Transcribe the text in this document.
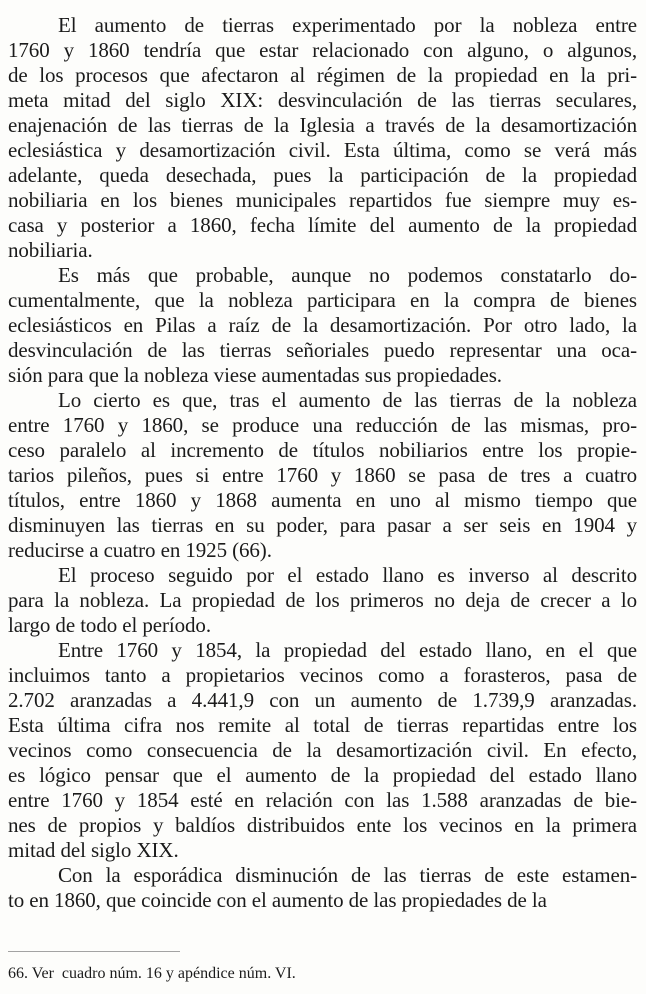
El aumento de tierras experimentado por la nobleza entre
1760 y 1860 tendría que estar relacionado con alguno, o algunos,
de los procesos que afectaron al régimen de la propiedad en la pri-
meta mitad del siglo XIX: desvinculación de las tierras seculares,
enajenación de las tierras de la Iglesia a través de la desamortización
eclesiástica y desamortización civil. Esta última, como se verá más
adelante, queda desechada, pues la participación de la propiedad
nobiliaria en los bienes municipales repartidos fue siempre muy es-
casa y posterior a 1860, fecha límite del aumento de la propiedad
nobiliaria.
Es más que probable, aunque no podemos constatarlo do-
cumentalmente, que la nobleza participara en la compra de bienes
eclesiásticos en Pilas a raíz de la desamortización. Por otro lado, la
desvinculación de las tierras señoriales puedo representar una oca-
sión para que la nobleza viese aumentadas sus propiedades.
Lo cierto es que, tras el aumento de las tierras de la nobleza
entre 1760 y 1860, se produce una reducción de las mismas, pro-
ceso paralelo al incremento de títulos nobiliarios entre los propie-
tarios pileños, pues si entre 1760 y 1860 se pasa de tres a cuatro
títulos, entre 1860 y 1868 aumenta en uno al mismo tiempo que
disminuyen las tierras en su poder, para pasar a ser seis en 1904 y
reducirse a cuatro en 1925 (66).
El proceso seguido por el estado llano es inverso al descrito
para la nobleza. La propiedad de los primeros no deja de crecer a lo
largo de todo el período.
Entre 1760 y 1854, la propiedad del estado llano, en el que
incluimos tanto a propietarios vecinos como a forasteros, pasa de
2.702 aranzadas a 4.441,9 con un aumento de 1.739,9 aranzadas.
Esta última cifra nos remite al total de tierras repartidas entre los
vecinos como consecuencia de la desamortización civil. En efecto,
es lógico pensar que el aumento de la propiedad del estado llano
entre 1760 y 1854 esté en relación con las 1.588 aranzadas de bie-
nes de propios y baldíos distribuidos ente los vecinos en la primera
mitad del siglo XIX.
Con la esporádica disminución de las tierras de este estamen-
to en 1860, que coincide con el aumento de las propiedades de la
66. Ver  cuadro núm. 16 y apéndice núm. VI.
